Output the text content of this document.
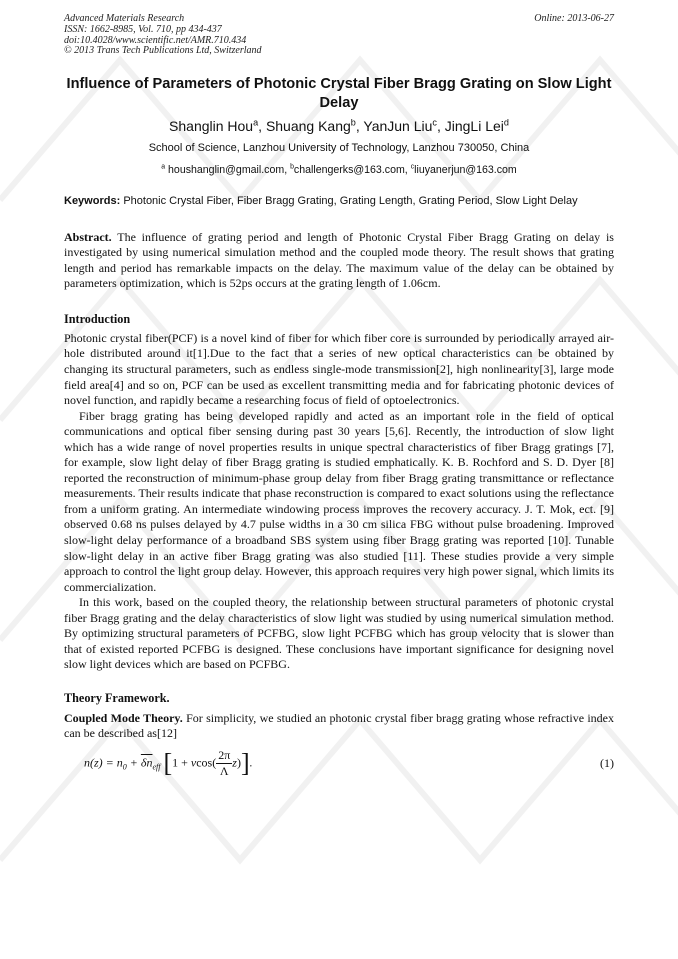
Advanced Materials Research
ISSN: 1662-8985, Vol. 710, pp 434-437
doi:10.4028/www.scientific.net/AMR.710.434
© 2013 Trans Tech Publications Ltd, Switzerland
Online: 2013-06-27
Influence of Parameters of Photonic Crystal Fiber Bragg Grating on Slow Light Delay
Shanglin Hou$^a$, Shuang Kang$^b$, YanJun Liu$^c$, JingLi Lei$^d$
School of Science, Lanzhou University of Technology, Lanzhou 730050, China
$^a$ houshanglin@gmail.com, $^b$challengerks@163.com, $^c$liuyanerjun@163.com
Keywords: Photonic Crystal Fiber, Fiber Bragg Grating, Grating Length, Grating Period, Slow Light Delay

Abstract. The influence of grating period and length of Photonic Crystal Fiber Bragg Grating on delay is investigated by using numerical simulation method and the coupled mode theory. The result shows that grating length and period has remarkable impacts on the delay. The maximum value of the delay can be obtained by parameters optimization, which is 52ps occurs at the grating length of 1.06cm.

Introduction

Photonic crystal fiber(PCF) is a novel kind of fiber for which fiber core is surrounded by periodically arrayed air-hole distributed around it[1].Due to the fact that a series of new optical characteristics can be obtained by changing its structural parameters, such as endless single-mode transmission[2], high nonlinearity[3], large mode field area[4] and so on, PCF can be used as excellent transmitting media and for fabricating photonic devices of novel function, and rapidly became a researching focus of field of optoelectronics.

Fiber bragg grating has being developed rapidly and acted as an important role in the field of optical communications and optical fiber sensing during past 30 years [5,6]. Recently, the introduction of slow light which has a wide range of novel properties results in unique spectral characteristics of fiber Bragg gratings [7], for example, slow light delay of fiber Bragg grating is studied emphatically. K. B. Rochford and S. D. Dyer [8] reported the reconstruction of minimum-phase group delay from fiber Bragg grating transmittance or reflectance measurements. Their results indicate that phase reconstruction is compared to exact solutions using the reflectance from a uniform grating. An intermediate windowing process improves the recovery accuracy. J. T. Mok, ect. [9] observed 0.68 ns pulses delayed by 4.7 pulse widths in a 30 cm silica FBG without pulse broadening. Improved slow-light delay performance of a broadband SBS system using fiber Bragg grating was reported [10]. Tunable slow-light delay in an active fiber Bragg grating was also studied [11]. These studies provide a very simple approach to control the light group delay. However, this approach requires very high power signal, which limits its commercialization.

In this work, based on the coupled theory, the relationship between structural parameters of photonic crystal fiber Bragg grating and the delay characteristics of slow light was studied by using numerical simulation method. By optimizing structural parameters of PCFBG, slow light PCFBG which has group velocity that is slower than that of existed reported PCFBG is designed. These conclusions have important significance for designing novel slow light devices which are based on PCFBG.

Theory Framework.

Coupled Mode Theory. For simplicity, we studied an photonic crystal fiber bragg grating whose refractive index can be described as[12]

$n(z) = n_0 + \overline{\delta n}_{eff}$ $[1 + vcos( \frac{2\pi}{\Lambda} z)]$.	(1)
